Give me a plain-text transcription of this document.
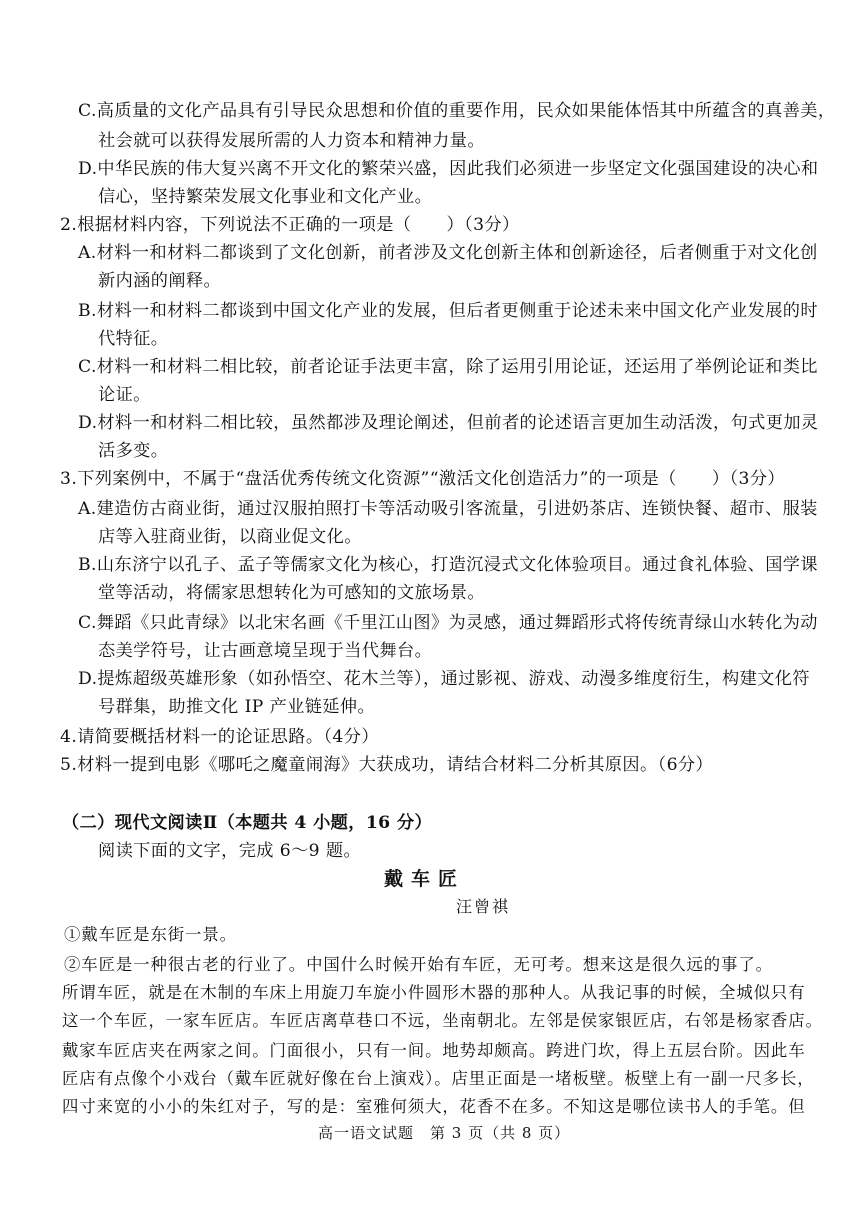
C.高质量的文化产品具有引导民众思想和价值的重要作用，民众如果能体悟其中所蕴含的真善美，
社会就可以获得发展所需的人力资本和精神力量。
D.中华民族的伟大复兴离不开文化的繁荣兴盛，因此我们必须进一步坚定文化强国建设的决心和
信心，坚持繁荣发展文化事业和文化产业。
2.根据材料内容，下列说法不正确的一项是（　　）（3分）
A.材料一和材料二都谈到了文化创新，前者涉及文化创新主体和创新途径，后者侧重于对文化创
新内涵的阐释。
B.材料一和材料二都谈到中国文化产业的发展，但后者更侧重于论述未来中国文化产业发展的时
代特征。
C.材料一和材料二相比较，前者论证手法更丰富，除了运用引用论证，还运用了举例论证和类比
论证。
D.材料一和材料二相比较，虽然都涉及理论阐述，但前者的论述语言更加生动活泼，句式更加灵
活多变。
3.下列案例中，不属于“盘活优秀传统文化资源”“激活文化创造活力”的一项是（　　）（3分）
A.建造仿古商业街，通过汉服拍照打卡等活动吸引客流量，引进奶茶店、连锁快餐、超市、服装
店等入驻商业街，以商业促文化。
B.山东济宁以孔子、孟子等儒家文化为核心，打造沉浸式文化体验项目。通过食礼体验、国学课
堂等活动，将儒家思想转化为可感知的文旅场景。
C.舞蹈《只此青绿》以北宋名画《千里江山图》为灵感，通过舞蹈形式将传统青绿山水转化为动
态美学符号，让古画意境呈现于当代舞台。
D.提炼超级英雄形象（如孙悟空、花木兰等），通过影视、游戏、动漫多维度衍生，构建文化符
号群集，助推文化 IP 产业链延伸。
4.请简要概括材料一的论证思路。（4分）
5.材料一提到电影《哪吒之魔童闹海》大获成功，请结合材料二分析其原因。（6分）
（二）现代文阅读Ⅱ（本题共 4 小题，16 分）
阅读下面的文字，完成 6～9 题。
戴车匠
汪曾祺
①戴车匠是东街一景。
②车匠是一种很古老的行业了。中国什么时候开始有车匠，无可考。想来这是很久远的事了。
所谓车匠，就是在木制的车床上用旋刀车旋小件圆形木器的那种人。从我记事的时候，全城似只有
这一个车匠，一家车匠店。车匠店离草巷口不远，坐南朝北。左邻是侯家银匠店，右邻是杨家香店。
戴家车匠店夹在两家之间。门面很小，只有一间。地势却颇高。跨进门坎，得上五层台阶。因此车
匠店有点像个小戏台（戴车匠就好像在台上演戏）。店里正面是一堵板壁。板壁上有一副一尺多长，
四寸来宽的小小的朱红对子，写的是：室雅何须大，花香不在多。不知这是哪位读书人的手笔。但
高一语文试题　第 3 页（共 8 页）
